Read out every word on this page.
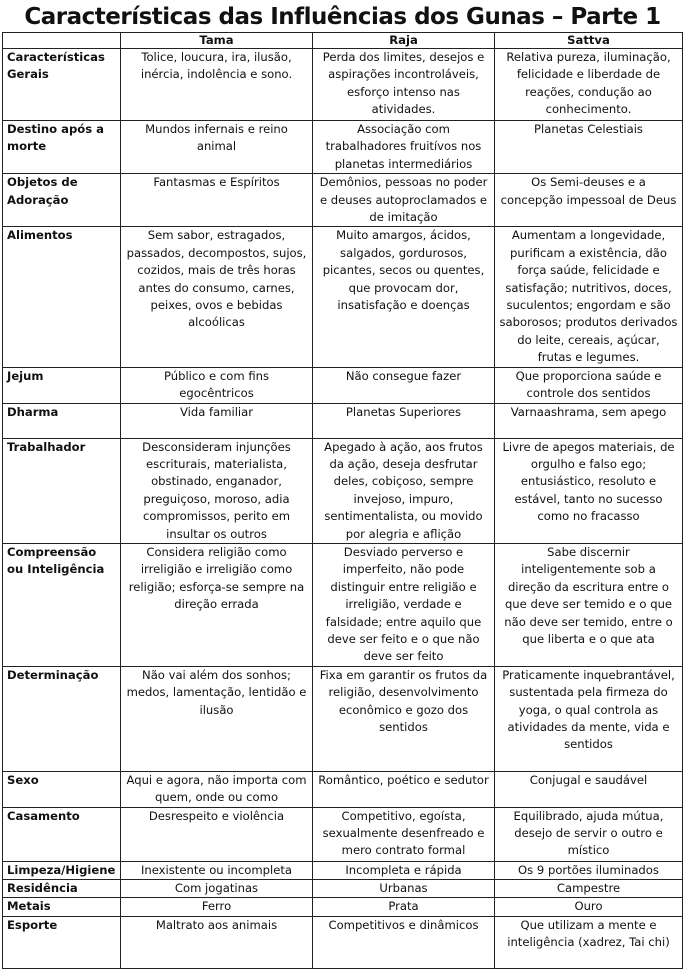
Características das Influências dos Gunas – Parte 1
	Tama	Raja	Sattva
Características Gerais	Tolice, loucura, ira, ilusão, inércia, indolência e sono.	Perda dos limites, desejos e aspirações incontroláveis, esforço intenso nas atividades.	Relativa pureza, iluminação, felicidade e liberdade de reações, condução ao conhecimento.
Destino após a morte	Mundos infernais e reino animal	Associação com trabalhadores fruitívos nos planetas intermediários	Planetas Celestiais
Objetos de Adoração	Fantasmas e Espíritos	Demônios, pessoas no poder e deuses autoproclamados e de imitação	Os Semi-deuses e a concepção impessoal de Deus
Alimentos	Sem sabor, estragados, passados, decompostos, sujos, cozidos, mais de três horas antes do consumo, carnes, peixes, ovos e bebidas alcoólicas	Muito amargos, ácidos, salgados, gordurosos, picantes, secos ou quentes, que provocam dor, insatisfação e doenças	Aumentam a longevidade, purificam a existência, dão força saúde, felicidade e satisfação; nutritivos, doces, suculentos; engordam e são saborosos; produtos derivados do leite, cereais, açúcar, frutas e legumes.
Jejum	Público e com fins egocêntricos	Não consegue fazer	Que proporciona saúde e controle dos sentidos
Dharma	Vida familiar	Planetas Superiores	Varnaashrama, sem apego
Trabalhador	Desconsideram injunções escriturais, materialista, obstinado, enganador, preguiçoso, moroso, adia compromissos, perito em insultar os outros	Apegado à ação, aos frutos da ação, deseja desfrutar deles, cobiçoso, sempre invejoso, impuro, sentimentalista, ou movido por alegria e aflição	Livre de apegos materiais, de orgulho e falso ego; entusiástico, resoluto e estável, tanto no sucesso como no fracasso
Compreensão ou Inteligência	Considera religião como irreligião e irreligião como religião; esforça-se sempre na direção errada	Desviado perverso e imperfeito, não pode distinguir entre religião e irreligião, verdade e falsidade; entre aquilo que deve ser feito e o que não deve ser feito	Sabe discernir inteligentemente sob a direção da escritura entre o que deve ser temido e o que não deve ser temido, entre o que liberta e o que ata
Determinação	Não vai além dos sonhos; medos, lamentação, lentidão e ilusão	Fixa em garantir os frutos da religião, desenvolvimento econômico e gozo dos sentidos	Praticamente inquebrantável, sustentada pela firmeza do yoga, o qual controla as atividades da mente, vida e sentidos
Sexo	Aqui e agora, não importa com quem, onde ou como	Romântico, poético e sedutor	Conjugal e saudável
Casamento	Desrespeito e violência	Competitivo, egoísta, sexualmente desenfreado e mero contrato formal	Equilibrado, ajuda mútua, desejo de servir o outro e místico
Limpeza/Higiene	Inexistente ou incompleta	Incompleta e rápida	Os 9 portões iluminados
Residência	Com jogatinas	Urbanas	Campestre
Metais	Ferro	Prata	Ouro
Esporte	Maltrato aos animais	Competitivos e dinâmicos	Que utilizam a mente e inteligência (xadrez, Tai chi)
